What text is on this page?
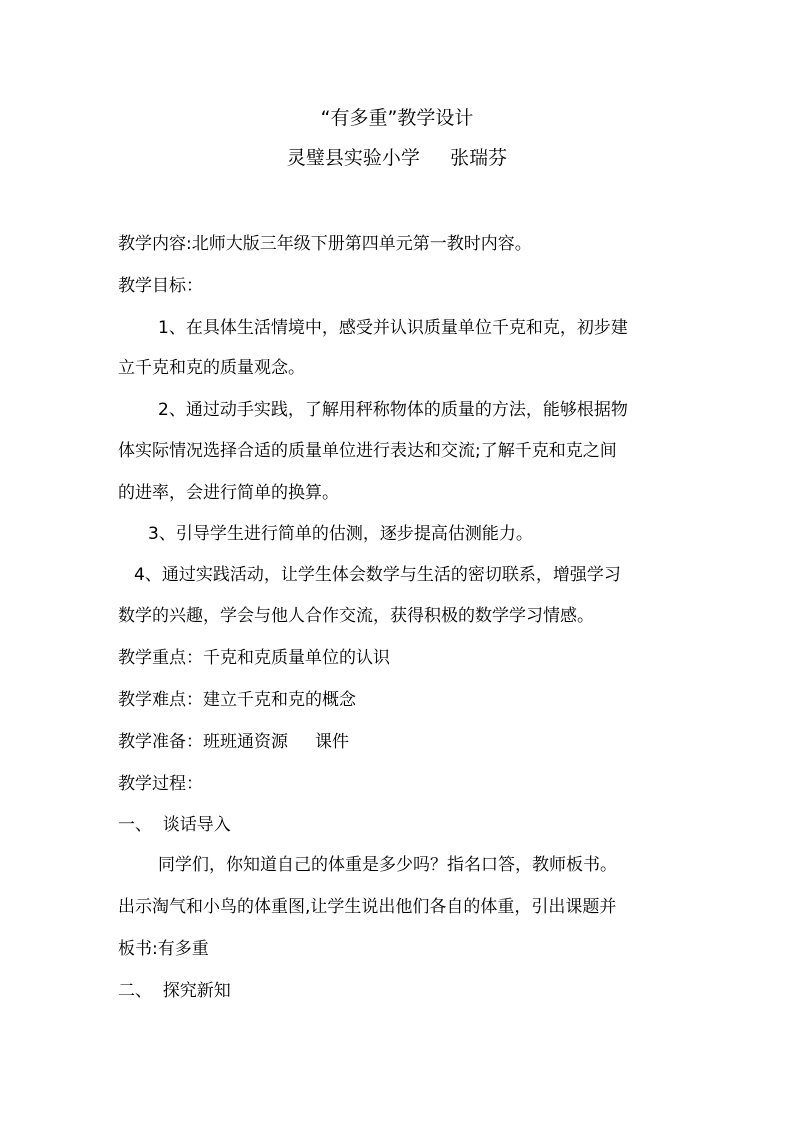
“有多重”教学设计
灵璧县实验小学     张瑞芬
教学内容:北师大版三年级下册第四单元第一教时内容。
教学目标：
1、在具体生活情境中，感受并认识质量单位千克和克，初步建
立千克和克的质量观念。
2、通过动手实践，了解用秤称物体的质量的方法，能够根据物
体实际情况选择合适的质量单位进行表达和交流;了解千克和克之间
的进率，会进行简单的换算。
3、引导学生进行简单的估测，逐步提高估测能力。
4、通过实践活动，让学生体会数学与生活的密切联系，增强学习
数学的兴趣，学会与他人合作交流，获得积极的数学学习情感。
教学重点：千克和克质量单位的认识
教学难点：建立千克和克的概念
教学准备：班班通资源     课件
教学过程：
一、  谈话导入
同学们，你知道自己的体重是多少吗？指名口答，教师板书。
出示淘气和小鸟的体重图,让学生说出他们各自的体重，引出课题并
板书:有多重
二、  探究新知
